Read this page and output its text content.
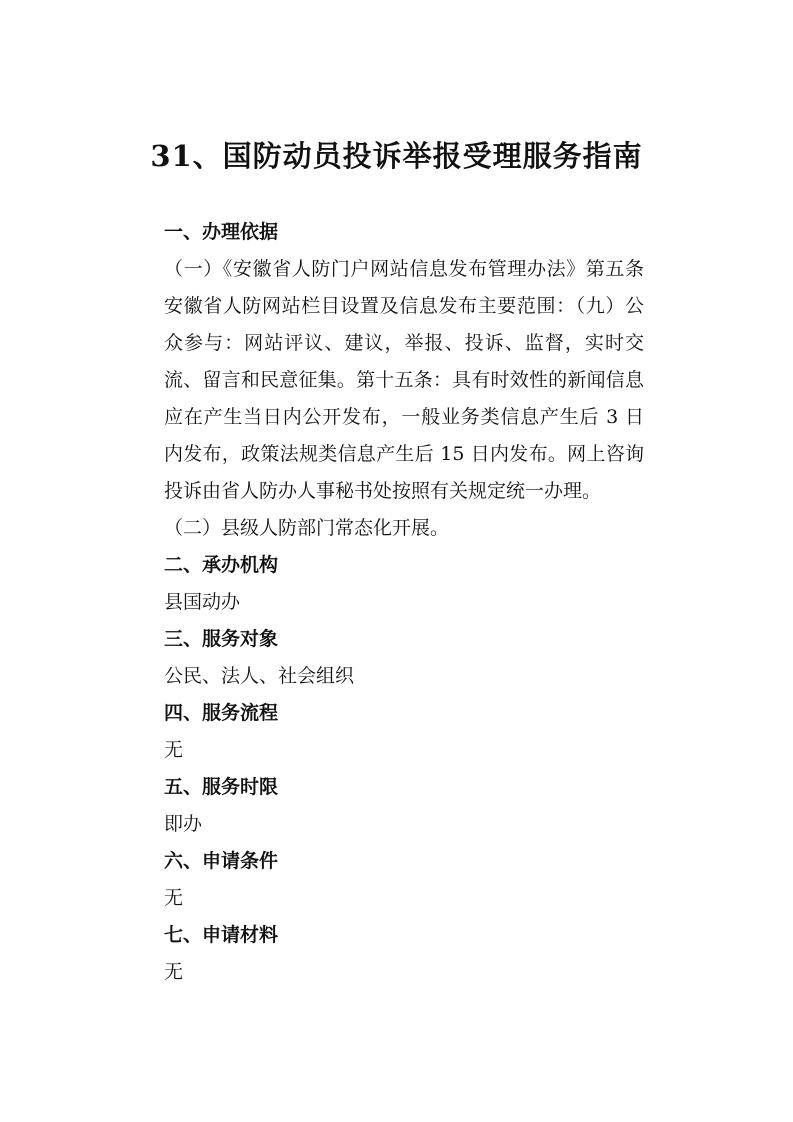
31、国防动员投诉举报受理服务指南

一、办理依据

（一）《安徽省人防门户网站信息发布管理办法》第五条安徽省人防网站栏目设置及信息发布主要范围：（九）公众参与：网站评议、建议，举报、投诉、监督，实时交流、留言和民意征集。第十五条：具有时效性的新闻信息应在产生当日内公开发布，一般业务类信息产生后 3 日内发布，政策法规类信息产生后 15 日内发布。网上咨询投诉由省人防办人事秘书处按照有关规定统一办理。

（二）县级人防部门常态化开展。

二、承办机构

县国动办

三、服务对象

公民、法人、社会组织

四、服务流程

无

五、服务时限

即办

六、申请条件

无

七、申请材料

无
